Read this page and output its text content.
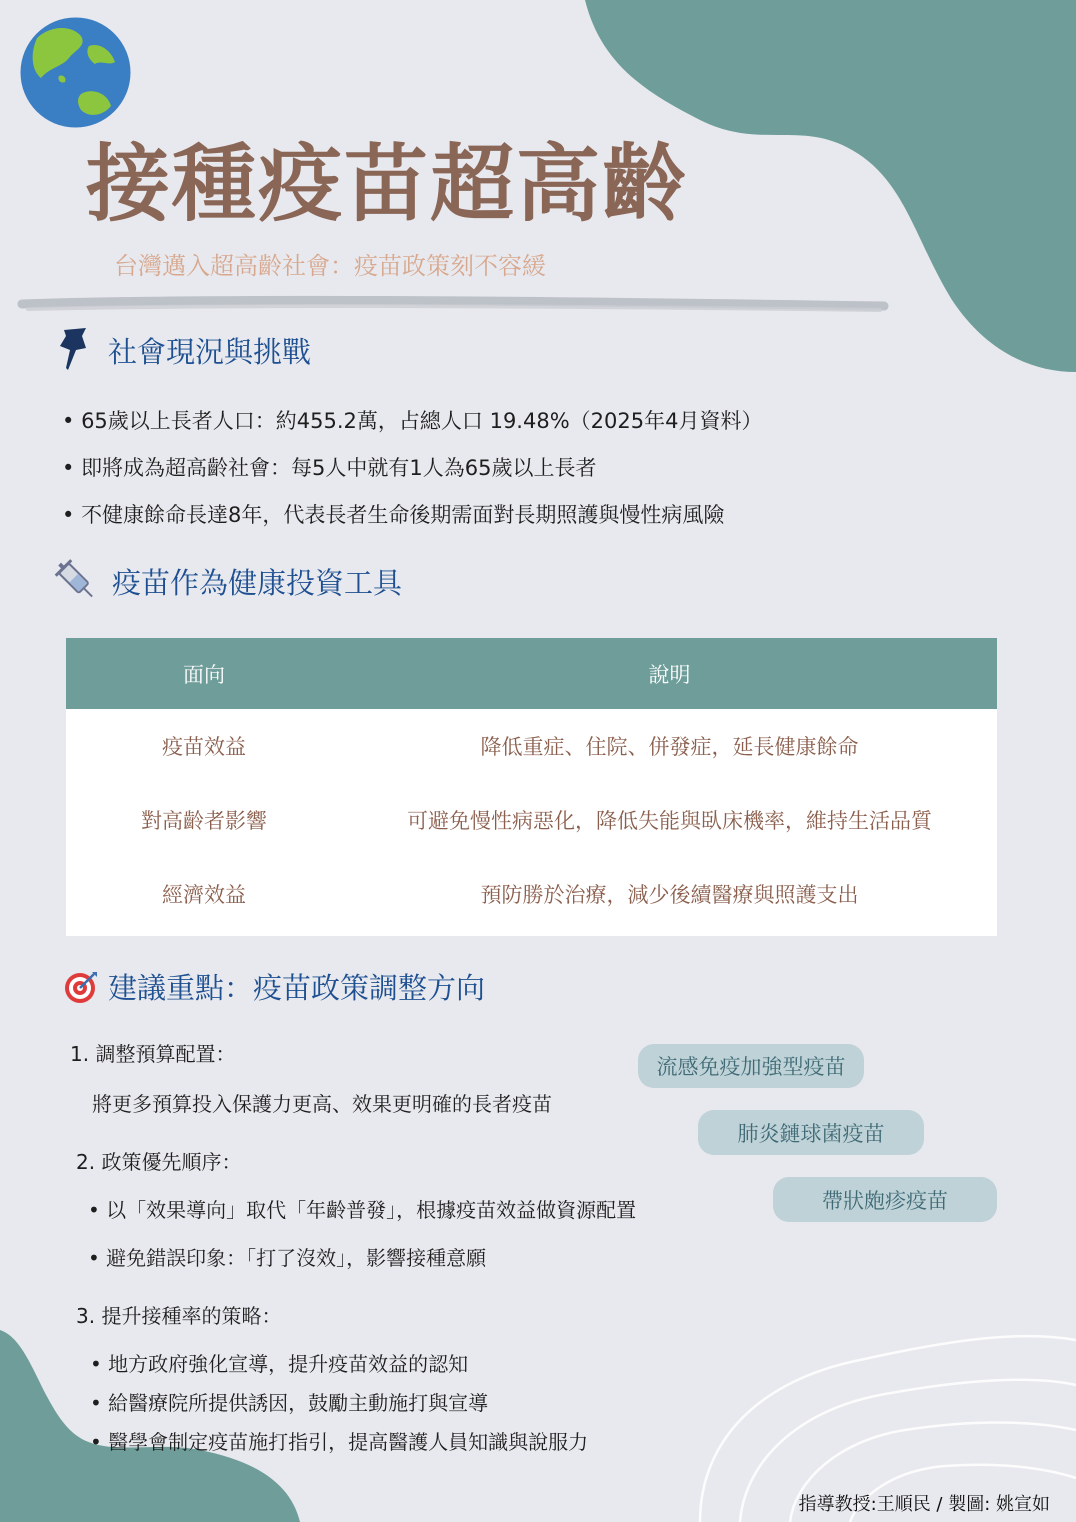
接種疫苗超高齡
台灣邁入超高齡社會：疫苗政策刻不容緩
社會現況與挑戰
• 65歲以上長者人口：約455.2萬，占總人口 19.48%（2025年4月資料）
• 即將成為超高齡社會：每5人中就有1人為65歲以上長者
• 不健康餘命長達8年，代表長者生命後期需面對長期照護與慢性病風險
疫苗作為健康投資工具
面向	說明
疫苗效益	降低重症、住院、併發症，延長健康餘命
對高齡者影響	可避免慢性病惡化，降低失能與臥床機率，維持生活品質
經濟效益	預防勝於治療，減少後續醫療與照護支出
建議重點：疫苗政策調整方向
1. 調整預算配置：
將更多預算投入保護力更高、效果更明確的長者疫苗
2. 政策優先順序：
• 以「效果導向」取代「年齡普發」，根據疫苗效益做資源配置
• 避免錯誤印象：「打了沒效」，影響接種意願
3. 提升接種率的策略：
• 地方政府強化宣導，提升疫苗效益的認知
• 給醫療院所提供誘因，鼓勵主動施打與宣導
• 醫學會制定疫苗施打指引，提高醫護人員知識與說服力
流感免疫加強型疫苗
肺炎鏈球菌疫苗
帶狀皰疹疫苗
指導教授:王順民 / 製圖: 姚宣如
